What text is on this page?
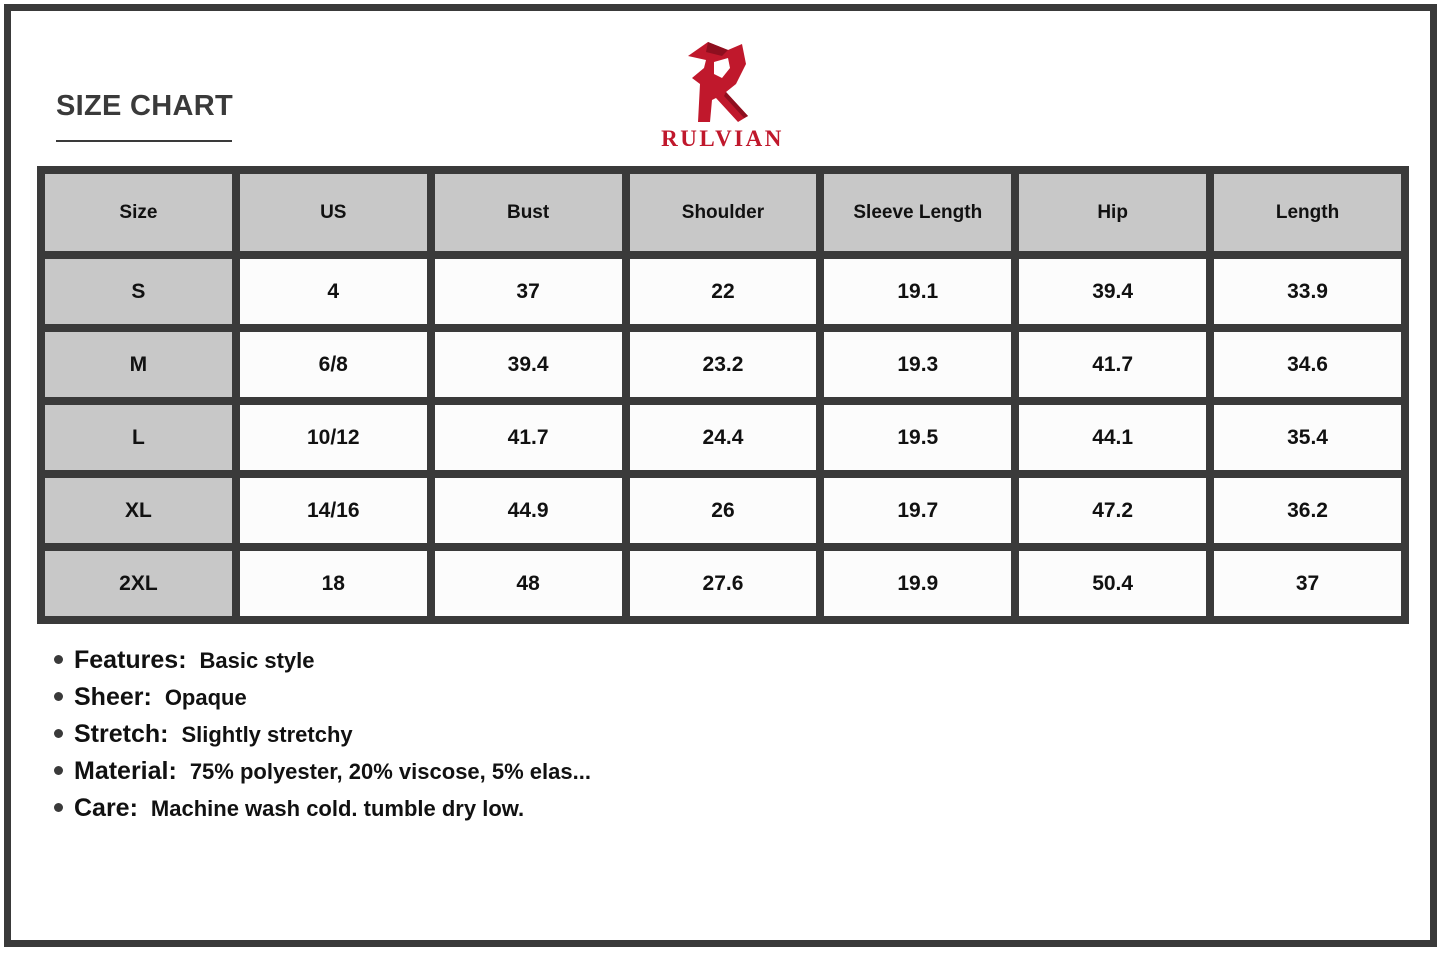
SIZE CHART
RULVIAN
Size	US	Bust	Shoulder	Sleeve Length	Hip	Length
S	4	37	22	19.1	39.4	33.9
M	6/8	39.4	23.2	19.3	41.7	34.6
L	10/12	41.7	24.4	19.5	44.1	35.4
XL	14/16	44.9	26	19.7	47.2	36.2
2XL	18	48	27.6	19.9	50.4	37
Features: Basic style
Sheer: Opaque
Stretch: Slightly stretchy
Material: 75% polyester, 20% viscose, 5% elas...
Care: Machine wash cold. tumble dry low.
